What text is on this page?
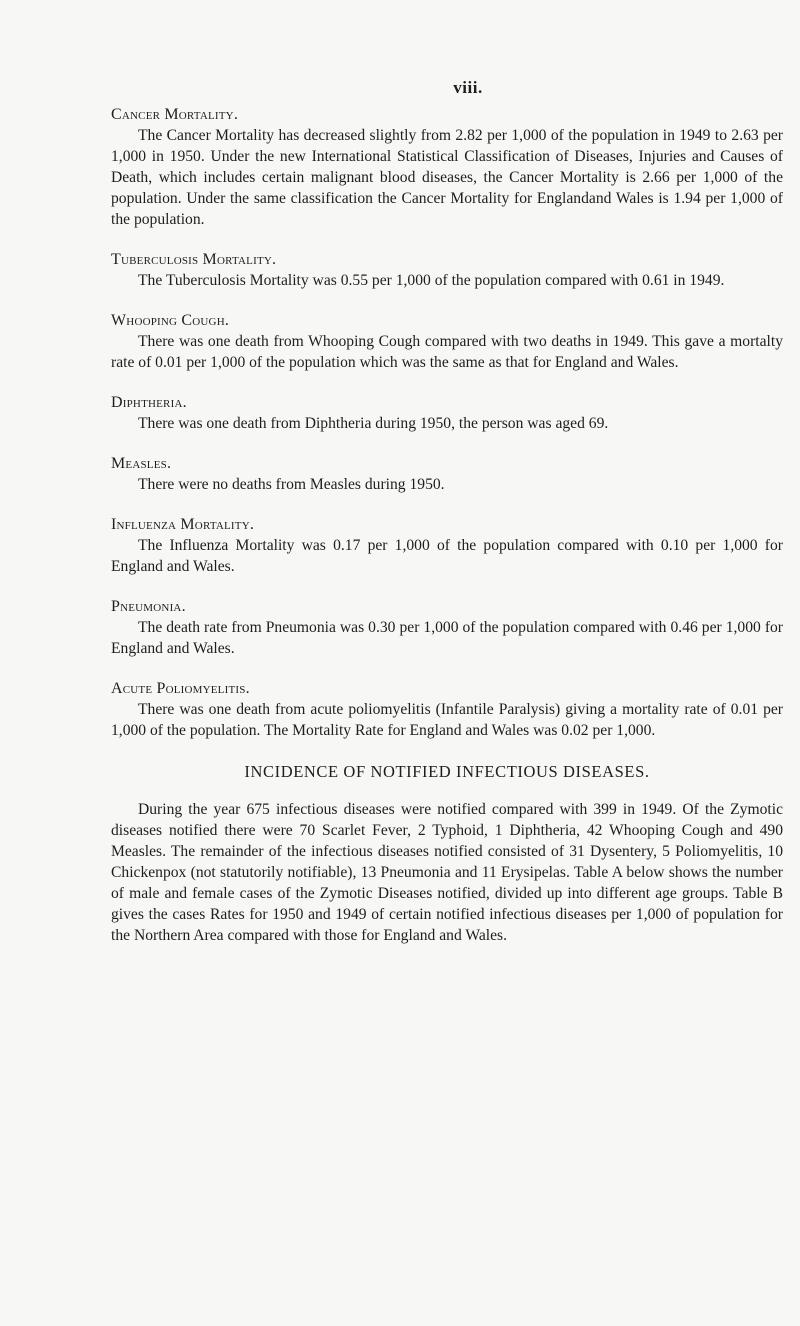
viii.

Cancer Mortality.

The Cancer Mortality has decreased slightly from 2.82 per 1,000 of the population in 1949 to 2.63 per 1,000 in 1950. Under the new International Statistical Classification of Diseases, Injuries and Causes of Death, which includes certain malignant blood diseases, the Cancer Mortality is 2.66 per 1,000 of the population. Under the same classification the Cancer Mortality for Englandand Wales is 1.94 per 1,000 of the population.

Tuberculosis Mortality.

The Tuberculosis Mortality was 0.55 per 1,000 of the population compared with 0.61 in 1949.

Whooping Cough.

There was one death from Whooping Cough compared with two deaths in 1949. This gave a mortalty rate of 0.01 per 1,000 of the population which was the same as that for England and Wales.

Diphtheria.

There was one death from Diphtheria during 1950, the person was aged 69.

Measles.

There were no deaths from Measles during 1950.

Influenza Mortality.

The Influenza Mortality was 0.17 per 1,000 of the population compared with 0.10 per 1,000 for England and Wales.

Pneumonia.

The death rate from Pneumonia was 0.30 per 1,000 of the population compared with 0.46 per 1,000 for England and Wales.

Acute Poliomyelitis.

There was one death from acute poliomyelitis (Infantile Paralysis) giving a mortality rate of 0.01 per 1,000 of the population. The Mortality Rate for England and Wales was 0.02 per 1,000.

INCIDENCE OF NOTIFIED INFECTIOUS DISEASES.

During the year 675 infectious diseases were notified compared with 399 in 1949. Of the Zymotic diseases notified there were 70 Scarlet Fever, 2 Typhoid, 1 Diphtheria, 42 Whooping Cough and 490 Measles. The remainder of the infectious diseases notified consisted of 31 Dysentery, 5 Poliomyelitis, 10 Chickenpox (not statutorily notifiable), 13 Pneumonia and 11 Erysipelas. Table A below shows the number of male and female cases of the Zymotic Diseases notified, divided up into different age groups. Table B gives the cases Rates for 1950 and 1949 of certain notified infectious diseases per 1,000 of population for the Northern Area compared with those for England and Wales.
